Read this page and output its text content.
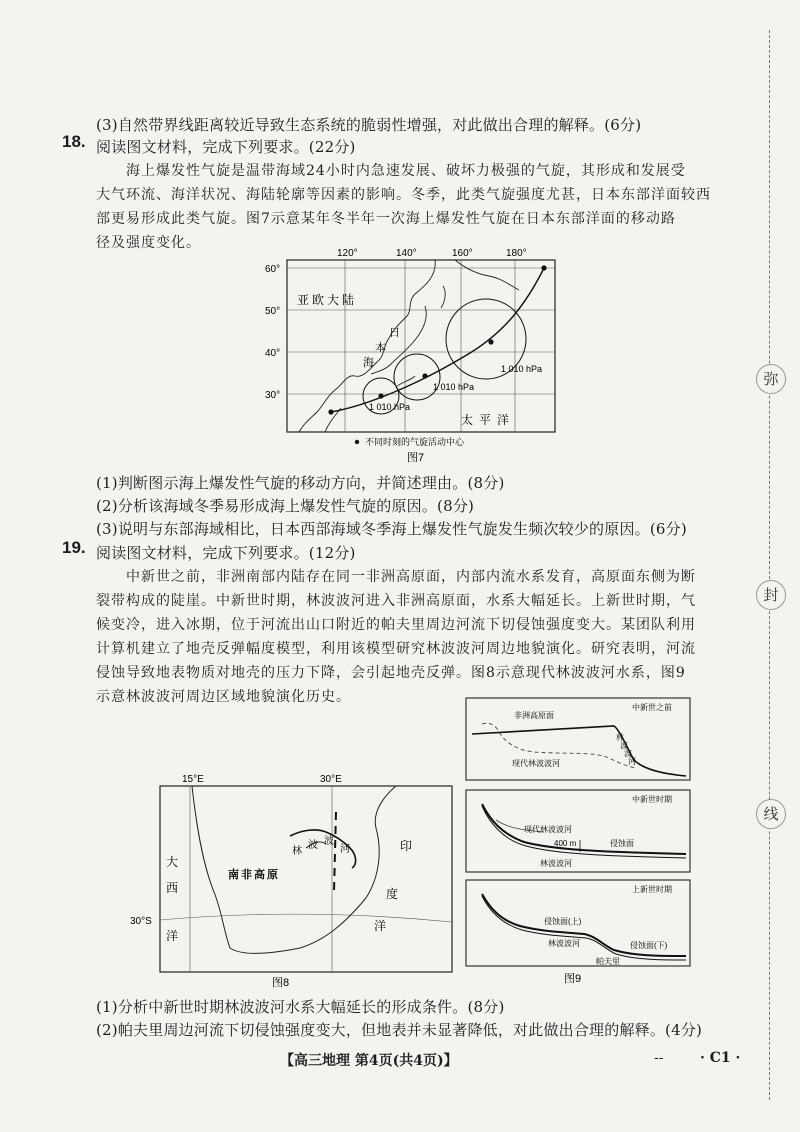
弥
封
线
(3)自然带界线距离较近导致生态系统的脆弱性增强，对此做出合理的解释。(6分)
18. 阅读图文材料，完成下列要求。(22分)
海上爆发性气旋是温带海域24小时内急速发展、破坏力极强的气旋，其形成和发展受
大气环流、海洋状况、海陆轮廓等因素的影响。冬季，此类气旋强度尤甚，日本东部洋面较西
部更易形成此类气旋。图7示意某年冬半年一次海上爆发性气旋在日本东部洋面的移动路
径及强度变化。
120°	140°	160°	180°
60°
50°
40°
30°
亚欧大陆
太平洋
日
本
海
1 010 hPa
1 010 hPa
1 010 hPa
不同时刻的气旋活动中心
图7
(1)判断图示海上爆发性气旋的移动方向，并简述理由。(8分)
(2)分析该海域冬季易形成海上爆发性气旋的原因。(8分)
(3)说明与东部海域相比，日本西部海域冬季海上爆发性气旋发生频次较少的原因。(6分)
19. 阅读图文材料，完成下列要求。(12分)
中新世之前，非洲南部内陆存在同一非洲高原面，内部内流水系发育，高原面东侧为断
裂带构成的陡崖。中新世时期，林波波河进入非洲高原面，水系大幅延长。上新世时期，气
候变冷，进入冰期，位于河流出山口附近的帕夫里周边河流下切侵蚀强度变大。某团队利用
计算机建立了地壳反弹幅度模型，利用该模型研究林波波河周边地貌演化。研究表明，河流
侵蚀导致地表物质对地壳的压力下降，会引起地壳反弹。图8示意现代林波波河水系，图9
示意林波波河周边区域地貌演化历史。
15°E	30°E
30°S
南非高原
林
波 波
河
大
西
洋
印
度
洋
图8
中新世之前
非洲高原面
现代林波波河
林
波
波
河
中新世时期
现代林波波河
400 m	侵蚀面
林波波河
上新世时期
侵蚀面(上)
林波波河	侵蚀面(下)
帕夫里
图9
(1)分析中新世时期林波波河水系大幅延长的形成条件。(8分)
(2)帕夫里周边河流下切侵蚀强度变大，但地表并未显著降低，对此做出合理的解释。(4分)
【高三地理 第4页(共4页)】	--	· C1 ·
